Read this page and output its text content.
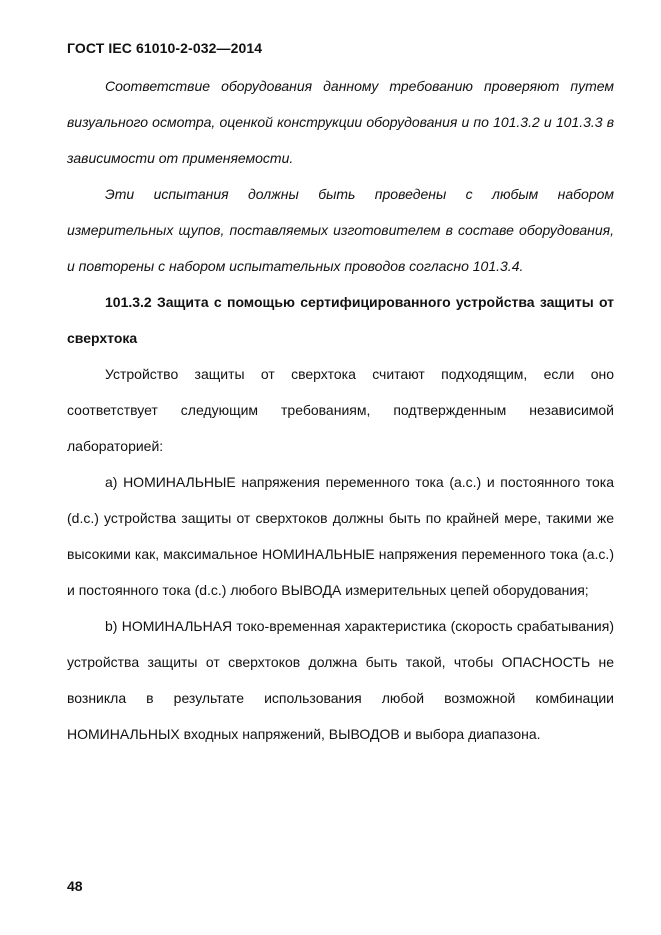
ГОСТ IEC 61010-2-032—2014

Соответствие оборудования данному требованию проверяют путем визуального осмотра, оценкой конструкции оборудования и по 101.3.2 и 101.3.3 в зависимости от применяемости.

Эти испытания должны быть проведены с любым набором измерительных щупов, поставляемых изготовителем в составе оборудования, и повторены с набором испытательных проводов согласно 101.3.4.

101.3.2 Защита с помощью сертифицированного устройства защиты от сверхтока

Устройство защиты от сверхтока считают подходящим, если оно соответствует следующим требованиям, подтвержденным независимой лабораторией:

a) НОМИНАЛЬНЫЕ напряжения переменного тока (a.c.) и постоянного тока (d.c.) устройства защиты от сверхтоков должны быть по крайней мере, такими же высокими как, максимальное НОМИНАЛЬНЫЕ напряжения переменного тока (a.c.) и постоянного тока (d.c.) любого ВЫВОДА измерительных цепей оборудования;

b) НОМИНАЛЬНАЯ токо-временная характеристика (скорость срабатывания) устройства защиты от сверхтоков должна быть такой, чтобы ОПАСНОСТЬ не возникла в результате использования любой возможной комбинации НОМИНАЛЬНЫХ входных напряжений, ВЫВОДОВ и выбора диапазона.

48
